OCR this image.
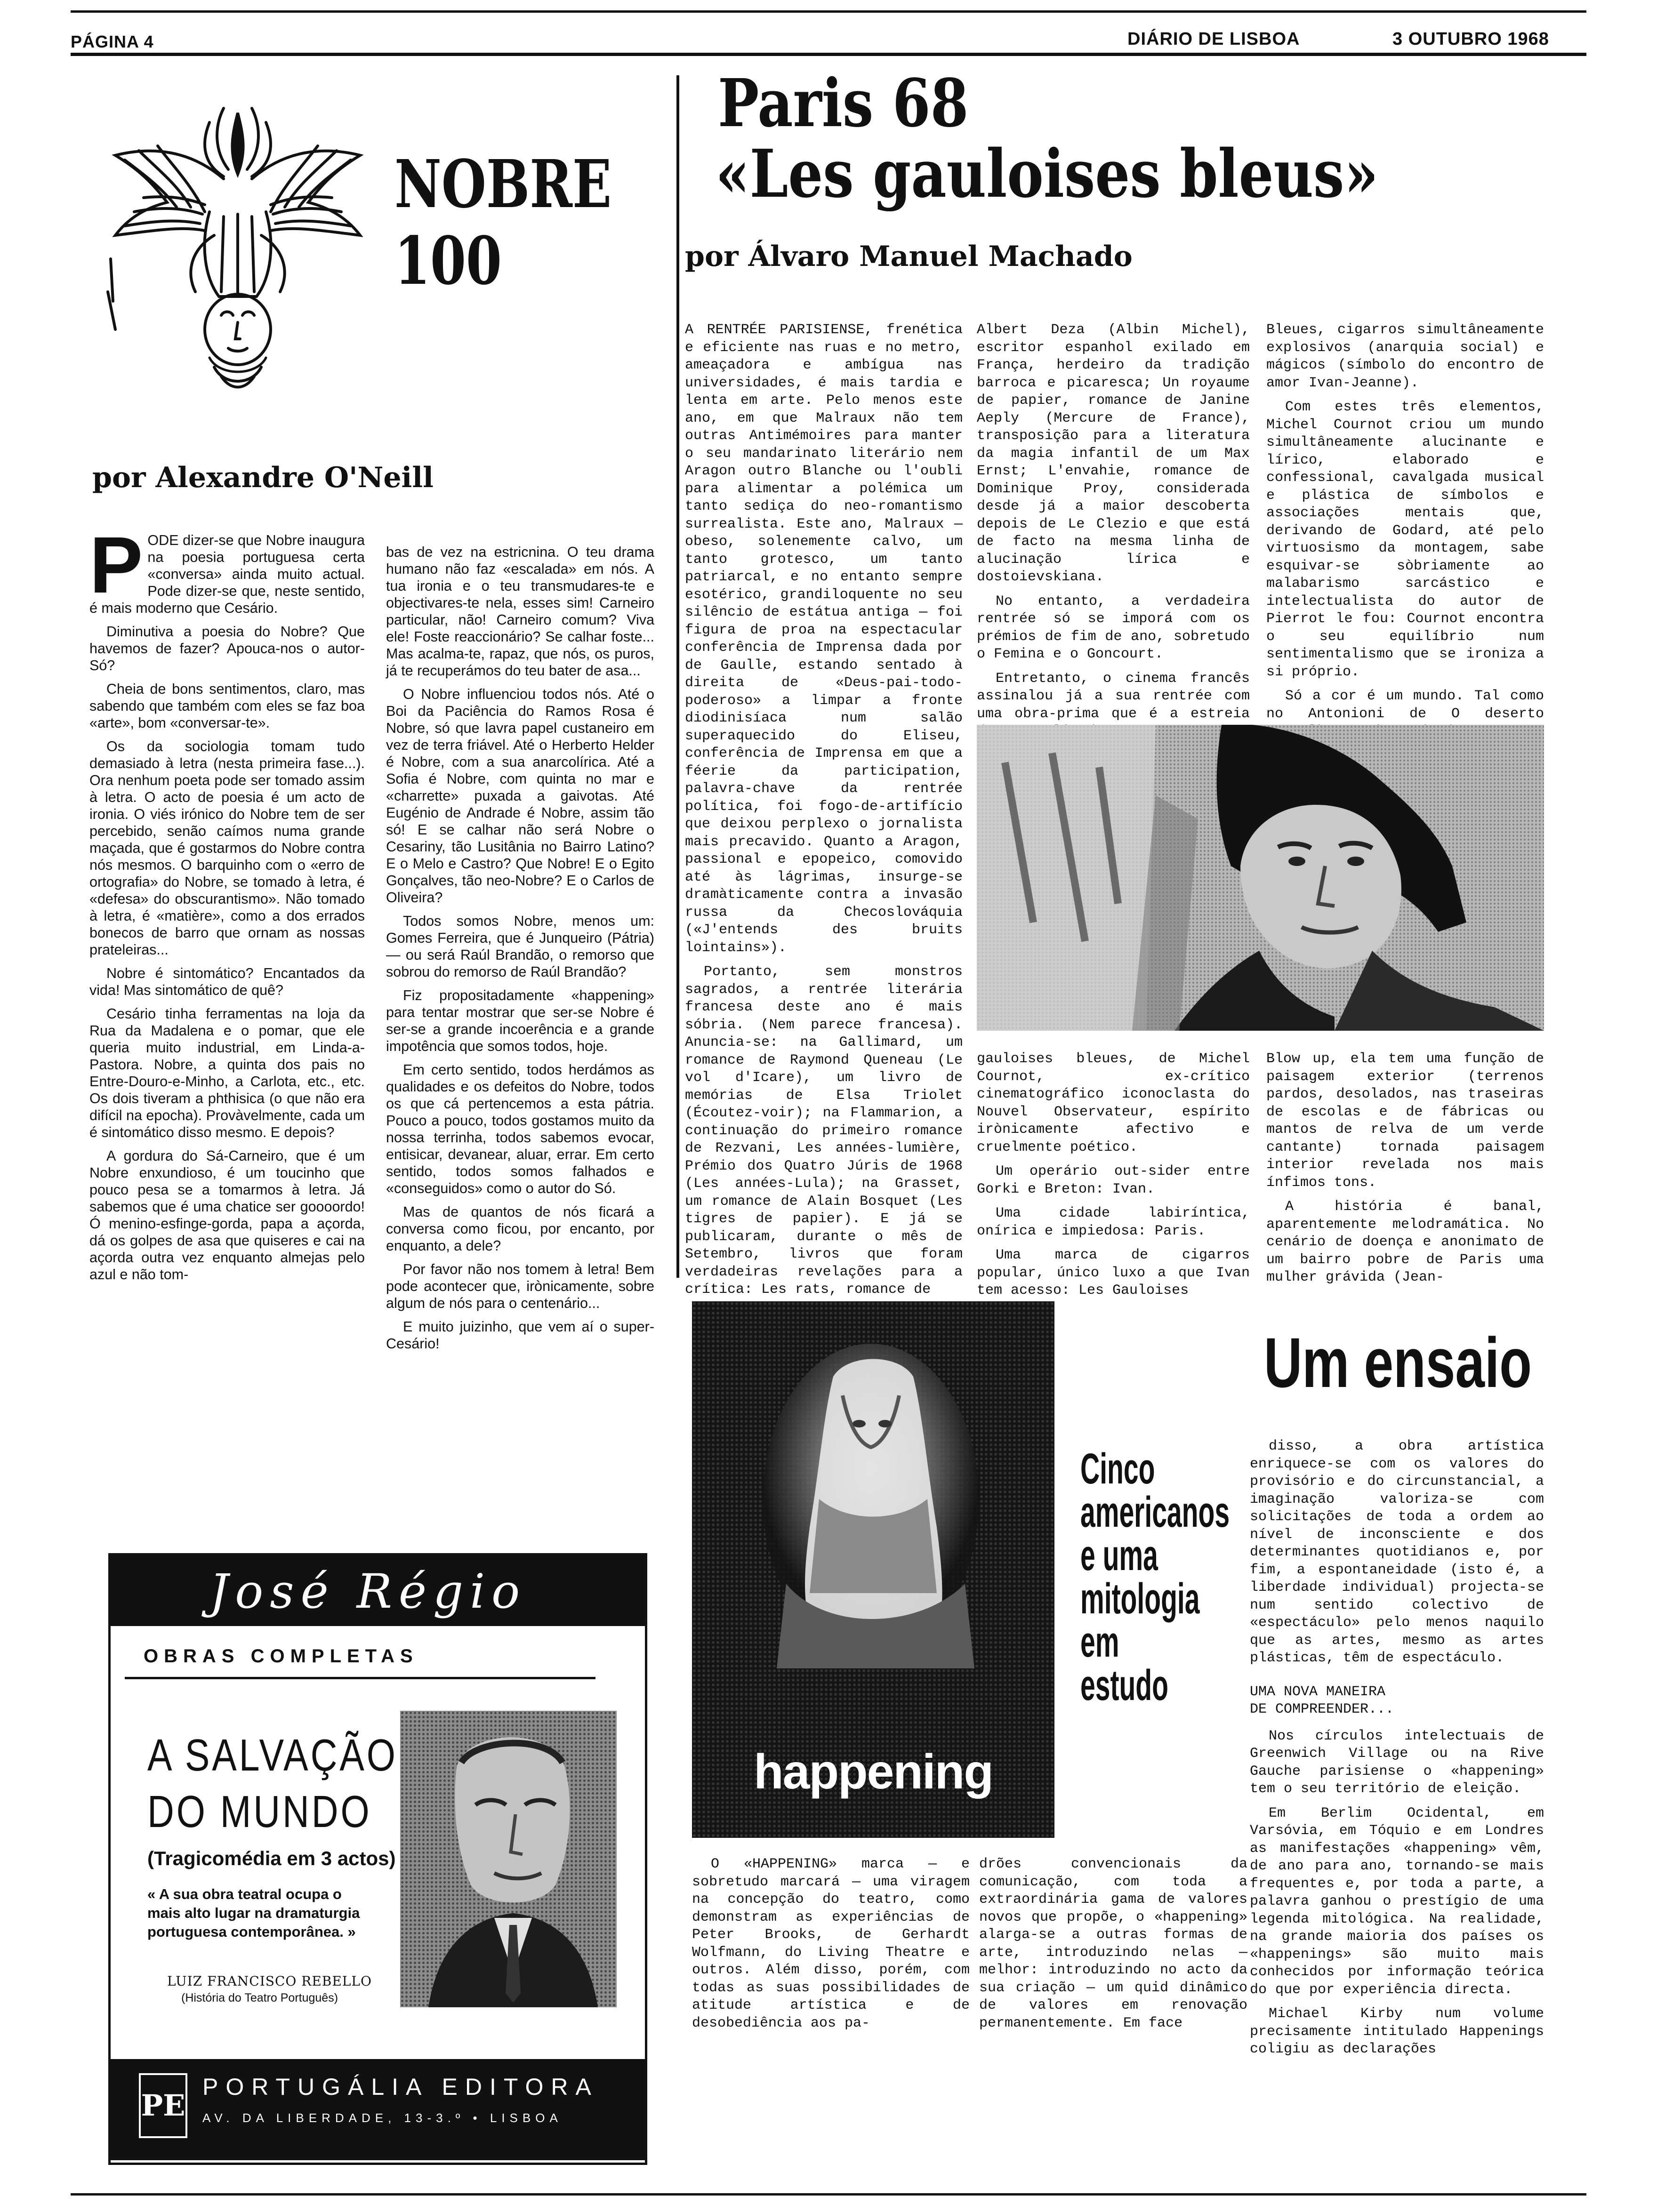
PÁGINA 4	DIÁRIO DE LISBOA	3 OUTUBRO 1968
NOBRE
100
por Alexandre O'Neill
P ODE dizer-se que Nobre inaugura na poesia portuguesa certa «conversa» ainda muito actual. Pode dizer-se que, neste sentido, é mais moderno que Cesário.

Diminutiva a poesia do Nobre? Que havemos de fazer? Apouca-nos o autor-Só?

Cheia de bons sentimentos, claro, mas sabendo que também com eles se faz boa «arte», bom «conversar-te».

Os da sociologia tomam tudo demasiado à letra (nesta primeira fase...). Ora nenhum poeta pode ser tomado assim à letra. O acto de poesia é um acto de ironia. O viés irónico do Nobre tem de ser percebido, senão caímos numa grande maçada, que é gostarmos do Nobre contra nós mesmos. O barquinho com o «erro de ortografia» do Nobre, se tomado à letra, é «defesa» do obscurantismo». Não tomado à letra, é «matière», como a dos errados bonecos de barro que ornam as nossas prateleiras...

Nobre é sintomático? Encantados da vida! Mas sintomático de quê?

Cesário tinha ferramentas na loja da Rua da Madalena e o pomar, que ele queria muito industrial, em Linda-a-Pastora. Nobre, a quinta dos pais no Entre-Douro-e-Minho, a Carlota, etc., etc. Os dois tiveram a phthisica (o que não era difícil na epocha). Provàvelmente, cada um é sintomático disso mesmo. E depois?

A gordura do Sá-Carneiro, que é um Nobre enxundioso, é um toucinho que pouco pesa se a tomarmos à letra. Já sabemos que é uma chatice ser goooordo! Ó menino-esfinge-gorda, papa a açorda, dá os golpes de asa que quiseres e cai na açorda outra vez enquanto almejas pelo azul e não tom-

bas de vez na estricnina. O teu drama humano não faz «escalada» em nós. A tua ironia e o teu transmudares-te e objectivares-te nela, esses sim! Carneiro particular, não! Carneiro comum? Viva ele! Foste reaccionário? Se calhar foste... Mas acalma-te, rapaz, que nós, os puros, já te recuperámos do teu bater de asa...

O Nobre influenciou todos nós. Até o Boi da Paciência do Ramos Rosa é Nobre, só que lavra papel custaneiro em vez de terra friável. Até o Herberto Helder é Nobre, com a sua anarcolírica. Até a Sofia é Nobre, com quinta no mar e «charrette» puxada a gaivotas. Até Eugénio de Andrade é Nobre, assim tão só! E se calhar não será Nobre o Cesariny, tão Lusitânia no Bairro Latino? E o Melo e Castro? Que Nobre! E o Egito Gonçalves, tão neo-Nobre? E o Carlos de Oliveira?

Todos somos Nobre, menos um: Gomes Ferreira, que é Junqueiro (Pátria) — ou será Raúl Brandão, o remorso que sobrou do remorso de Raúl Brandão?

Fiz propositadamente «happening» para tentar mostrar que ser-se Nobre é ser-se a grande incoerência e a grande impotência que somos todos, hoje.

Em certo sentido, todos herdámos as qualidades e os defeitos do Nobre, todos os que cá pertencemos a esta pátria. Pouco a pouco, todos gostamos muito da nossa terrinha, todos sabemos evocar, entisicar, devanear, aluar, errar. Em certo sentido, todos somos falhados e «conseguidos» como o autor do Só.

Mas de quantos de nós ficará a conversa como ficou, por encanto, por enquanto, a dele?

Por favor não nos tomem à letra! Bem pode acontecer que, irònicamente, sobre algum de nós para o centenário...

E muito juizinho, que vem aí o super-Cesário!

Paris 68
«Les gauloises bleus»
por Álvaro Manuel Machado

A RENTRÉE PARISIENSE, frenética e eficiente nas ruas e no metro, ameaçadora e ambígua nas universidades, é mais tardia e lenta em arte. Pelo menos este ano, em que Malraux não tem outras Antimémoires para manter o seu mandarinato literário nem Aragon outro Blanche ou l'oubli para alimentar a polémica um tanto sediça do neo-romantismo surrealista. Este ano, Malraux — obeso, solenemente calvo, um tanto grotesco, um tanto patriarcal, e no entanto sempre esotérico, grandiloquente no seu silêncio de estátua antiga — foi figura de proa na espectacular conferência de Imprensa dada por de Gaulle, estando sentado à direita de «Deus-pai-todo-poderoso» a limpar a fronte diodinisíaca num salão superaquecido do Eliseu, conferência de Imprensa em que a féerie da participation, palavra-chave da rentrée política, foi fogo-de-artifício que deixou perplexo o jornalista mais precavido. Quanto a Aragon, passional e epopeico, comovido até às lágrimas, insurge-se dramàticamente contra a invasão russa da Checoslováquia («J'entends des bruits lointains»).

Portanto, sem monstros sagrados, a rentrée literária francesa deste ano é mais sóbria. (Nem parece francesa). Anuncia-se: na Gallimard, um romance de Raymond Queneau (Le vol d'Icare), um livro de memórias de Elsa Triolet (Écoutez-voir); na Flammarion, a continuação do primeiro romance de Rezvani, Les années-lumière, Prémio dos Quatro Júris de 1968 (Les années-Lula); na Grasset, um romance de Alain Bosquet (Les tigres de papier). E já se publicaram, durante o mês de Setembro, livros que foram verdadeiras revelações para a crítica: Les rats, romance de

Albert Deza (Albin Michel), escritor espanhol exilado em França, herdeiro da tradição barroca e picaresca; Un royaume de papier, romance de Janine Aeply (Mercure de France), transposição para a literatura da magia infantil de um Max Ernst; L'envahie, romance de Dominique Proy, considerada desde já a maior descoberta depois de Le Clezio e que está de facto na mesma linha de alucinação lírica e dostoievskiana.

No entanto, a verdadeira rentrée só se imporá com os prémios de fim de ano, sobretudo o Femina e o Goncourt.

Entretanto, o cinema francês assinalou já a sua rentrée com uma obra-prima que é a estreia

Bleues, cigarros simultâneamente explosivos (anarquia social) e mágicos (símbolo do encontro de amor Ivan-Jeanne).

Com estes três elementos, Michel Cournot criou um mundo simultâneamente alucinante e lírico, elaborado e confessional, cavalgada musical e plástica de símbolos e associações mentais que, derivando de Godard, até pelo virtuosismo da montagem, sabe esquivar-se sòbriamente ao malabarismo sarcástico e intelectualista do autor de Pierrot le fou: Cournot encontra o seu equilíbrio num sentimentalismo que se ironiza a si próprio.

Só a cor é um mundo. Tal como no Antonioni de O deserto

gauloises bleues, de Michel Cournot, ex-crítico cinematográfico iconoclasta do Nouvel Observateur, espírito irònicamente afectivo e cruelmente poético.

Um operário out-sider entre Gorki e Breton: Ivan.

Uma cidade labiríntica, onírica e impiedosa: Paris.

Uma marca de cigarros popular, único luxo a que Ivan tem acesso: Les Gauloises

Blow up, ela tem uma função de paisagem exterior (terrenos pardos, desolados, nas traseiras de escolas e de fábricas ou mantos de relva de um verde cantante) tornada paisagem interior revelada nos mais ínfimos tons.

A história é banal, aparentemente melodramática. No cenário de doença e anonimato de um bairro pobre de Paris uma mulher grávida (Jean-

happening
Cinco
americanos
e uma
mitologia
em
estudo

O «HAPPENING» marca — e sobretudo marcará — uma viragem na concepção do teatro, como demonstram as experiências de Peter Brooks, de Gerhardt Wolfmann, do Living Theatre e outros. Além disso, porém, com todas as suas possibilidades de atitude artística e de desobediência aos pa-

drões convencionais da comunicação, com toda a extraordinária gama de valores novos que propõe, o «happening» alarga-se a outras formas de arte, introduzindo nelas — melhor: introduzindo no acto da sua criação — um quid dinâmico de valores em renovação permanentemente. Em face

Um ensaio

disso, a obra artística enriquece-se com os valores do provisório e do circunstancial, a imaginação valoriza-se com solicitações de toda a ordem ao nível de inconsciente e dos determinantes quotidianos e, por fim, a espontaneidade (isto é, a liberdade individual) projecta-se num sentido colectivo de «espectáculo» pelo menos naquilo que as artes, mesmo as artes plásticas, têm de espectáculo.

UMA NOVA MANEIRA
DE COMPREENDER...

Nos círculos intelectuais de Greenwich Village ou na Rive Gauche parisiense o «happening» tem o seu território de eleição.

Em Berlim Ocidental, em Varsóvia, em Tóquio e em Londres as manifestações «happening» vêm, de ano para ano, tornando-se mais frequentes e, por toda a parte, a palavra ganhou o prestígio de uma legenda mitológica. Na realidade, na grande maioria dos países os «happenings» são muito mais conhecidos por informação teórica do que por experiência directa.

Michael Kirby num volume precisamente intitulado Happenings coligiu as declarações

José Régio
OBRAS COMPLETAS
A SALVAÇÃO
DO MUNDO
(Tragicomédia em 3 actos)
« A sua obra teatral ocupa o mais alto lugar na dramaturgia portuguesa contemporânea. »
LUIZ FRANCISCO REBELLO
(História do Teatro Português)
PE
PORTUGÁLIA EDITORA
AV. DA LIBERDADE, 13-3.º • LISBOA
